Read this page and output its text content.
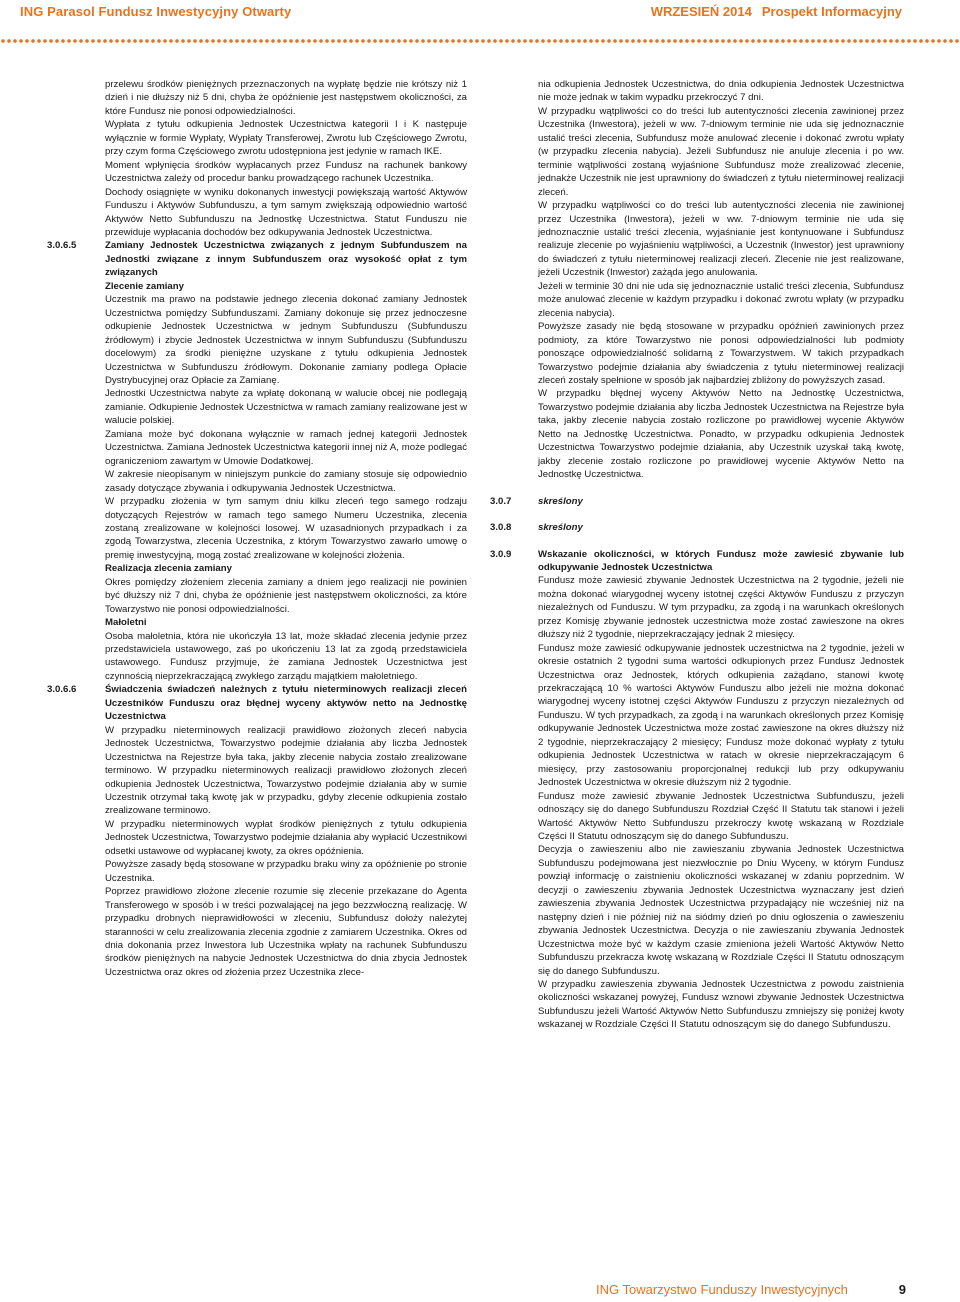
ING Parasol Fundusz Inwestycyjny Otwarty	WRZESIEŃ 2014 Prospekt Informacyjny

przelewu środków pieniężnych przeznaczonych na wypłatę będzie nie krótszy niż 1 dzień i nie dłuższy niż 5 dni, chyba że opóźnienie jest następstwem okoliczności, za które Fundusz nie ponosi odpowiedzialności.

Wypłata z tytułu odkupienia Jednostek Uczestnictwa kategorii I i K następuje wyłącznie w formie Wypłaty, Wypłaty Transferowej, Zwrotu lub Częściowego Zwrotu, przy czym forma Częściowego zwrotu udostępniona jest jedynie w ramach IKE.

Moment wpłynięcia środków wypłacanych przez Fundusz na rachunek bankowy Uczestnictwa zależy od procedur banku prowadzącego rachunek Uczestnika.

Dochody osiągnięte w wyniku dokonanych inwestycji powiększają wartość Aktywów Funduszu i Aktywów Subfunduszu, a tym samym zwiększają odpowiednio wartość Aktywów Netto Subfunduszu na Jednostkę Uczestnictwa. Statut Funduszu nie przewiduje wypłacania dochodów bez odkupywania Jednostek Uczestnictwa.

3.0.6.5	Zamiany Jednostek Uczestnictwa związanych z jednym Subfunduszem na Jednostki związane z innym Subfunduszem oraz wysokość opłat z tym związanych

Zlecenie zamiany

Uczestnik ma prawo na podstawie jednego zlecenia dokonać zamiany Jednostek Uczestnictwa pomiędzy Subfunduszami. Zamiany dokonuje się przez jednoczesne odkupienie Jednostek Uczestnictwa w jednym Subfunduszu (Subfunduszu źródłowym) i zbycie Jednostek Uczestnictwa w innym Subfunduszu (Subfunduszu docelowym) za środki pieniężne uzyskane z tytułu odkupienia Jednostek Uczestnictwa w Subfunduszu źródłowym. Dokonanie zamiany podlega Opłacie Dystrybucyjnej oraz Opłacie za Zamianę.

Jednostki Uczestnictwa nabyte za wpłatę dokonaną w walucie obcej nie podlegają zamianie. Odkupienie Jednostek Uczestnictwa w ramach zamiany realizowane jest w walucie polskiej.

Zamiana może być dokonana wyłącznie w ramach jednej kategorii Jednostek Uczestnictwa. Zamiana Jednostek Uczestnictwa kategorii innej niż A, może podlegać ograniczeniom zawartym w Umowie Dodatkowej.

W zakresie nieopisanym w niniejszym punkcie do zamiany stosuje się odpowiednio zasady dotyczące zbywania i odkupywania Jednostek Uczestnictwa.

W przypadku złożenia w tym samym dniu kilku zleceń tego samego rodzaju dotyczących Rejestrów w ramach tego samego Numeru Uczestnika, zlecenia zostaną zrealizowane w kolejności losowej. W uzasadnionych przypadkach i za zgodą Towarzystwa, zlecenia Uczestnika, z którym Towarzystwo zawarło umowę o premię inwestycyjną, mogą zostać zrealizowane w kolejności złożenia.

Realizacja zlecenia zamiany

Okres pomiędzy złożeniem zlecenia zamiany a dniem jego realizacji nie powinien być dłuższy niż 7 dni, chyba że opóźnienie jest następstwem okoliczności, za które Towarzystwo nie ponosi odpowiedzialności.

Małoletni

Osoba małoletnia, która nie ukończyła 13 lat, może składać zlecenia jedynie przez przedstawiciela ustawowego, zaś po ukończeniu 13 lat za zgodą przedstawiciela ustawowego. Fundusz przyjmuje, że zamiana Jednostek Uczestnictwa jest czynnością nieprzekraczającą zwykłego zarządu majątkiem małoletniego.

3.0.6.6	Świadczenia świadczeń należnych z tytułu nieterminowych realizacji zleceń Uczestników Funduszu oraz błędnej wyceny aktywów netto na Jednostkę Uczestnictwa

W przypadku nieterminowych realizacji prawidłowo złożonych zleceń nabycia Jednostek Uczestnictwa, Towarzystwo podejmie działania aby liczba Jednostek Uczestnictwa na Rejestrze była taka, jakby zlecenie nabycia zostało zrealizowane terminowo. W przypadku nieterminowych realizacji prawidłowo złożonych zleceń odkupienia Jednostek Uczestnictwa, Towarzystwo podejmie działania aby w sumie Uczestnik otrzymał taką kwotę jak w przypadku, gdyby zlecenie odkupienia zostało zrealizowane terminowo.

W przypadku nieterminowych wypłat środków pieniężnych z tytułu odkupienia Jednostek Uczestnictwa, Towarzystwo podejmie działania aby wypłacić Uczestnikowi odsetki ustawowe od wypłacanej kwoty, za okres opóźnienia.

Powyższe zasady będą stosowane w przypadku braku winy za opóźnienie po stronie Uczestnika.

Poprzez prawidłowo złożone zlecenie rozumie się zlecenie przekazane do Agenta Transferowego w sposób i w treści pozwalającej na jego bezzwłoczną realizację. W przypadku drobnych nieprawidłowości w zleceniu, Subfundusz dołoży należytej staranności w celu zrealizowania zlecenia zgodnie z zamiarem Uczestnika. Okres od dnia dokonania przez Inwestora lub Uczestnika wpłaty na rachunek Subfunduszu środków pieniężnych na nabycie Jednostek Uczestnictwa do dnia zbycia Jednostek Uczestnictwa oraz okres od złożenia przez Uczestnika zlece-

nia odkupienia Jednostek Uczestnictwa, do dnia odkupienia Jednostek Uczestnictwa nie może jednak w takim wypadku przekroczyć 7 dni.

W przypadku wątpliwości co do treści lub autentyczności zlecenia zawinionej przez Uczestnika (Inwestora), jeżeli w ww. 7-dniowym terminie nie uda się jednoznacznie ustalić treści zlecenia, Subfundusz może anulować zlecenie i dokonać zwrotu wpłaty (w przypadku zlecenia nabycia). Jeżeli Subfundusz nie anuluje zlecenia i po ww. terminie wątpliwości zostaną wyjaśnione Subfundusz może zrealizować zlecenie, jednakże Uczestnik nie jest uprawniony do świadczeń z tytułu nieterminowej realizacji zleceń.

W przypadku wątpliwości co do treści lub autentyczności zlecenia nie zawinionej przez Uczestnika (Inwestora), jeżeli w ww. 7-dniowym terminie nie uda się jednoznacznie ustalić treści zlecenia, wyjaśnianie jest kontynuowane i Subfundusz realizuje zlecenie po wyjaśnieniu wątpliwości, a Uczestnik (Inwestor) jest uprawniony do świadczeń z tytułu nieterminowej realizacji zleceń. Zlecenie nie jest realizowane, jeżeli Uczestnik (Inwestor) zażąda jego anulowania.

Jeżeli w terminie 30 dni nie uda się jednoznacznie ustalić treści zlecenia, Subfundusz może anulować zlecenie w każdym przypadku i dokonać zwrotu wpłaty (w przypadku zlecenia nabycia).

Powyższe zasady nie będą stosowane w przypadku opóźnień zawinionych przez podmioty, za które Towarzystwo nie ponosi odpowiedzialności lub podmioty ponoszące odpowiedzialność solidarną z Towarzystwem. W takich przypadkach Towarzystwo podejmie działania aby świadczenia z tytułu nieterminowej realizacji zleceń zostały spełnione w sposób jak najbardziej zbliżony do powyższych zasad.

W przypadku błędnej wyceny Aktywów Netto na Jednostkę Uczestnictwa, Towarzystwo podejmie działania aby liczba Jednostek Uczestnictwa na Rejestrze była taka, jakby zlecenie nabycia zostało rozliczone po prawidłowej wycenie Aktywów Netto na Jednostkę Uczestnictwa. Ponadto, w przypadku odkupienia Jednostek Uczestnictwa Towarzystwo podejmie działania, aby Uczestnik uzyskał taką kwotę, jakby zlecenie zostało rozliczone po prawidłowej wycenie Aktywów Netto na Jednostkę Uczestnictwa.

3.0.7	skreślony

3.0.8	skreślony

3.0.9	Wskazanie okoliczności, w których Fundusz może zawiesić zbywanie lub odkupywanie Jednostek Uczestnictwa

Fundusz może zawiesić zbywanie Jednostek Uczestnictwa na 2 tygodnie, jeżeli nie można dokonać wiarygodnej wyceny istotnej części Aktywów Funduszu z przyczyn niezależnych od Funduszu. W tym przypadku, za zgodą i na warunkach określonych przez Komisję zbywanie jednostek uczestnictwa może zostać zawieszone na okres dłuższy niż 2 tygodnie, nieprzekraczający jednak 2 miesięcy.

Fundusz może zawiesić odkupywanie jednostek uczestnictwa na 2 tygodnie, jeżeli w okresie ostatnich 2 tygodni suma wartości odkupionych przez Fundusz Jednostek Uczestnictwa oraz Jednostek, których odkupienia zażądano, stanowi kwotę przekraczającą 10 % wartości Aktywów Funduszu albo jeżeli nie można dokonać wiarygodnej wyceny istotnej części Aktywów Funduszu z przyczyn niezależnych od Funduszu. W tych przypadkach, za zgodą i na warunkach określonych przez Komisję odkupywanie Jednostek Uczestnictwa może zostać zawieszone na okres dłuższy niż 2 tygodnie, nieprzekraczający 2 miesięcy; Fundusz może dokonać wypłaty z tytułu odkupienia Jednostek Uczestnictwa w ratach w okresie nieprzekraczającym 6 miesięcy, przy zastosowaniu proporcjonalnej redukcji lub przy odkupywaniu Jednostek Uczestnictwa w okresie dłuższym niż 2 tygodnie.

Fundusz może zawiesić zbywanie Jednostek Uczestnictwa Subfunduszu, jeżeli odnoszący się do danego Subfunduszu Rozdział Część II Statutu tak stanowi i jeżeli Wartość Aktywów Netto Subfunduszu przekroczy kwotę wskazaną w Rozdziale Części II Statutu odnoszącym się do danego Subfunduszu.

Decyzja o zawieszeniu albo nie zawieszaniu zbywania Jednostek Uczestnictwa Subfunduszu podejmowana jest niezwłocznie po Dniu Wyceny, w którym Fundusz powziął informację o zaistnieniu okoliczności wskazanej w zdaniu poprzednim. W decyzji o zawieszeniu zbywania Jednostek Uczestnictwa wyznaczany jest dzień zawieszenia zbywania Jednostek Uczestnictwa przypadający nie wcześniej niż na następny dzień i nie później niż na siódmy dzień po dniu ogłoszenia o zawieszeniu zbywania Jednostek Uczestnictwa. Decyzja o nie zawieszaniu zbywania Jednostek Uczestnictwa może być w każdym czasie zmieniona jeżeli Wartość Aktywów Netto Subfunduszu przekracza kwotę wskazaną w Rozdziale Części II Statutu odnoszącym się do danego Subfunduszu.

W przypadku zawieszenia zbywania Jednostek Uczestnictwa z powodu zaistnienia okoliczności wskazanej powyżej, Fundusz wznowi zbywanie Jednostek Uczestnictwa Subfunduszu jeżeli Wartość Aktywów Netto Subfunduszu zmniejszy się poniżej kwoty wskazanej w Rozdziale Części II Statutu odnoszącym się do danego Subfunduszu.

ING Towarzystwo Funduszy Inwestycyjnych	9
